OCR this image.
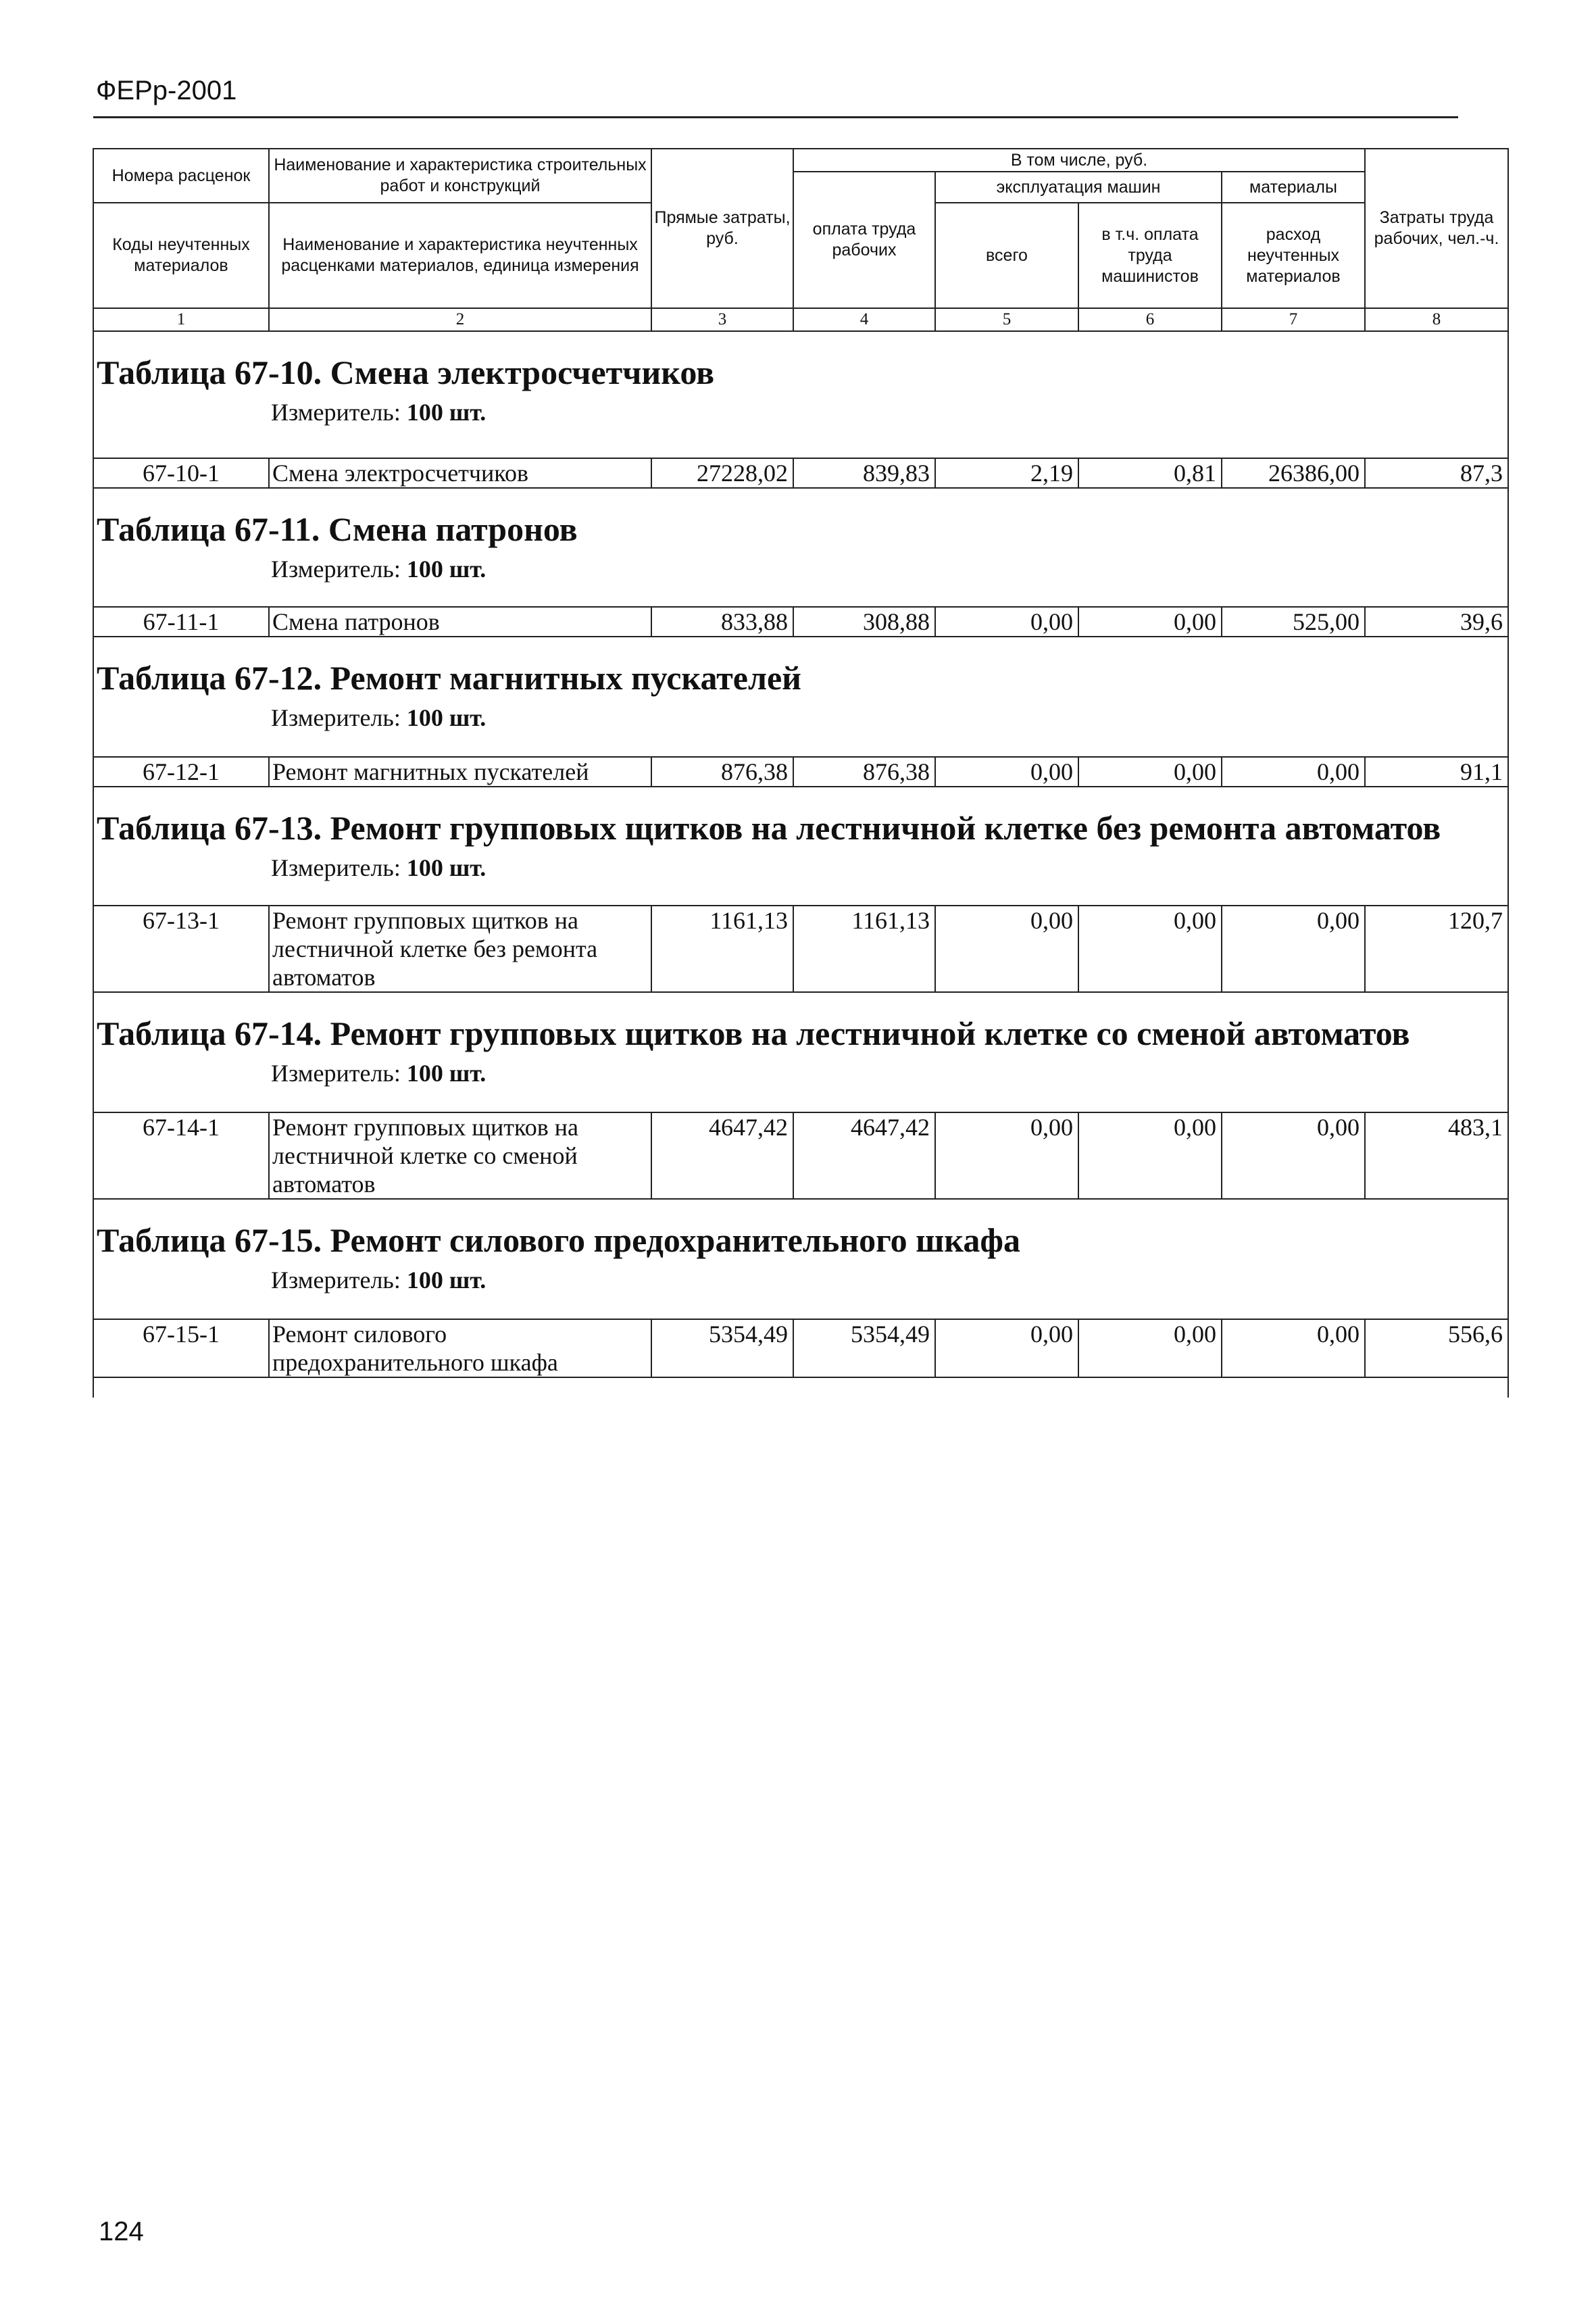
ФЕРр-2001
Номера расценок	Наименование и характеристика строительных работ и конструкций	Прямые затраты, руб.	В том числе, руб.				Затраты труда рабочих, чел.-ч.
			оплата труда рабочих	эксплуатация машин		материалы	
Коды неучтенных материалов	Наименование и характеристика неучтенных расценками материалов, единица измерения			всего	в т.ч. оплата труда машинистов	расход неучтенных материалов	

1	2	3	4	5	6	7	8

Таблица 67-10. Смена электросчетчиков
Измеритель: 100 шт.							

67-10-1	Смена электросчетчиков	27228,02	839,83	2,19	0,81	26386,00	87,3

Таблица 67-11. Смена патронов
Измеритель: 100 шт.							

67-11-1	Смена патронов	833,88	308,88	0,00	0,00	525,00	39,6

Таблица 67-12. Ремонт магнитных пускателей
Измеритель: 100 шт.							

67-12-1	Ремонт магнитных пускателей	876,38	876,38	0,00	0,00	0,00	91,1

Таблица 67-13. Ремонт групповых щитков на лестничной клетке без ремонта автоматов
Измеритель: 100 шт.							

67-13-1	Ремонт групповых щитков на лестничной клетке без ремонта автоматов	1161,13	1161,13	0,00	0,00	0,00	120,7

Таблица 67-14. Ремонт групповых щитков на лестничной клетке со сменой автоматов
Измеритель: 100 шт.							

67-14-1	Ремонт групповых щитков на лестничной клетке со сменой автоматов	4647,42	4647,42	0,00	0,00	0,00	483,1

Таблица 67-15. Ремонт силового предохранительного шкафа
Измеритель: 100 шт.							

67-15-1	Ремонт силового предохранительного шкафа	5354,49	5354,49	0,00	0,00	0,00	556,6

124
